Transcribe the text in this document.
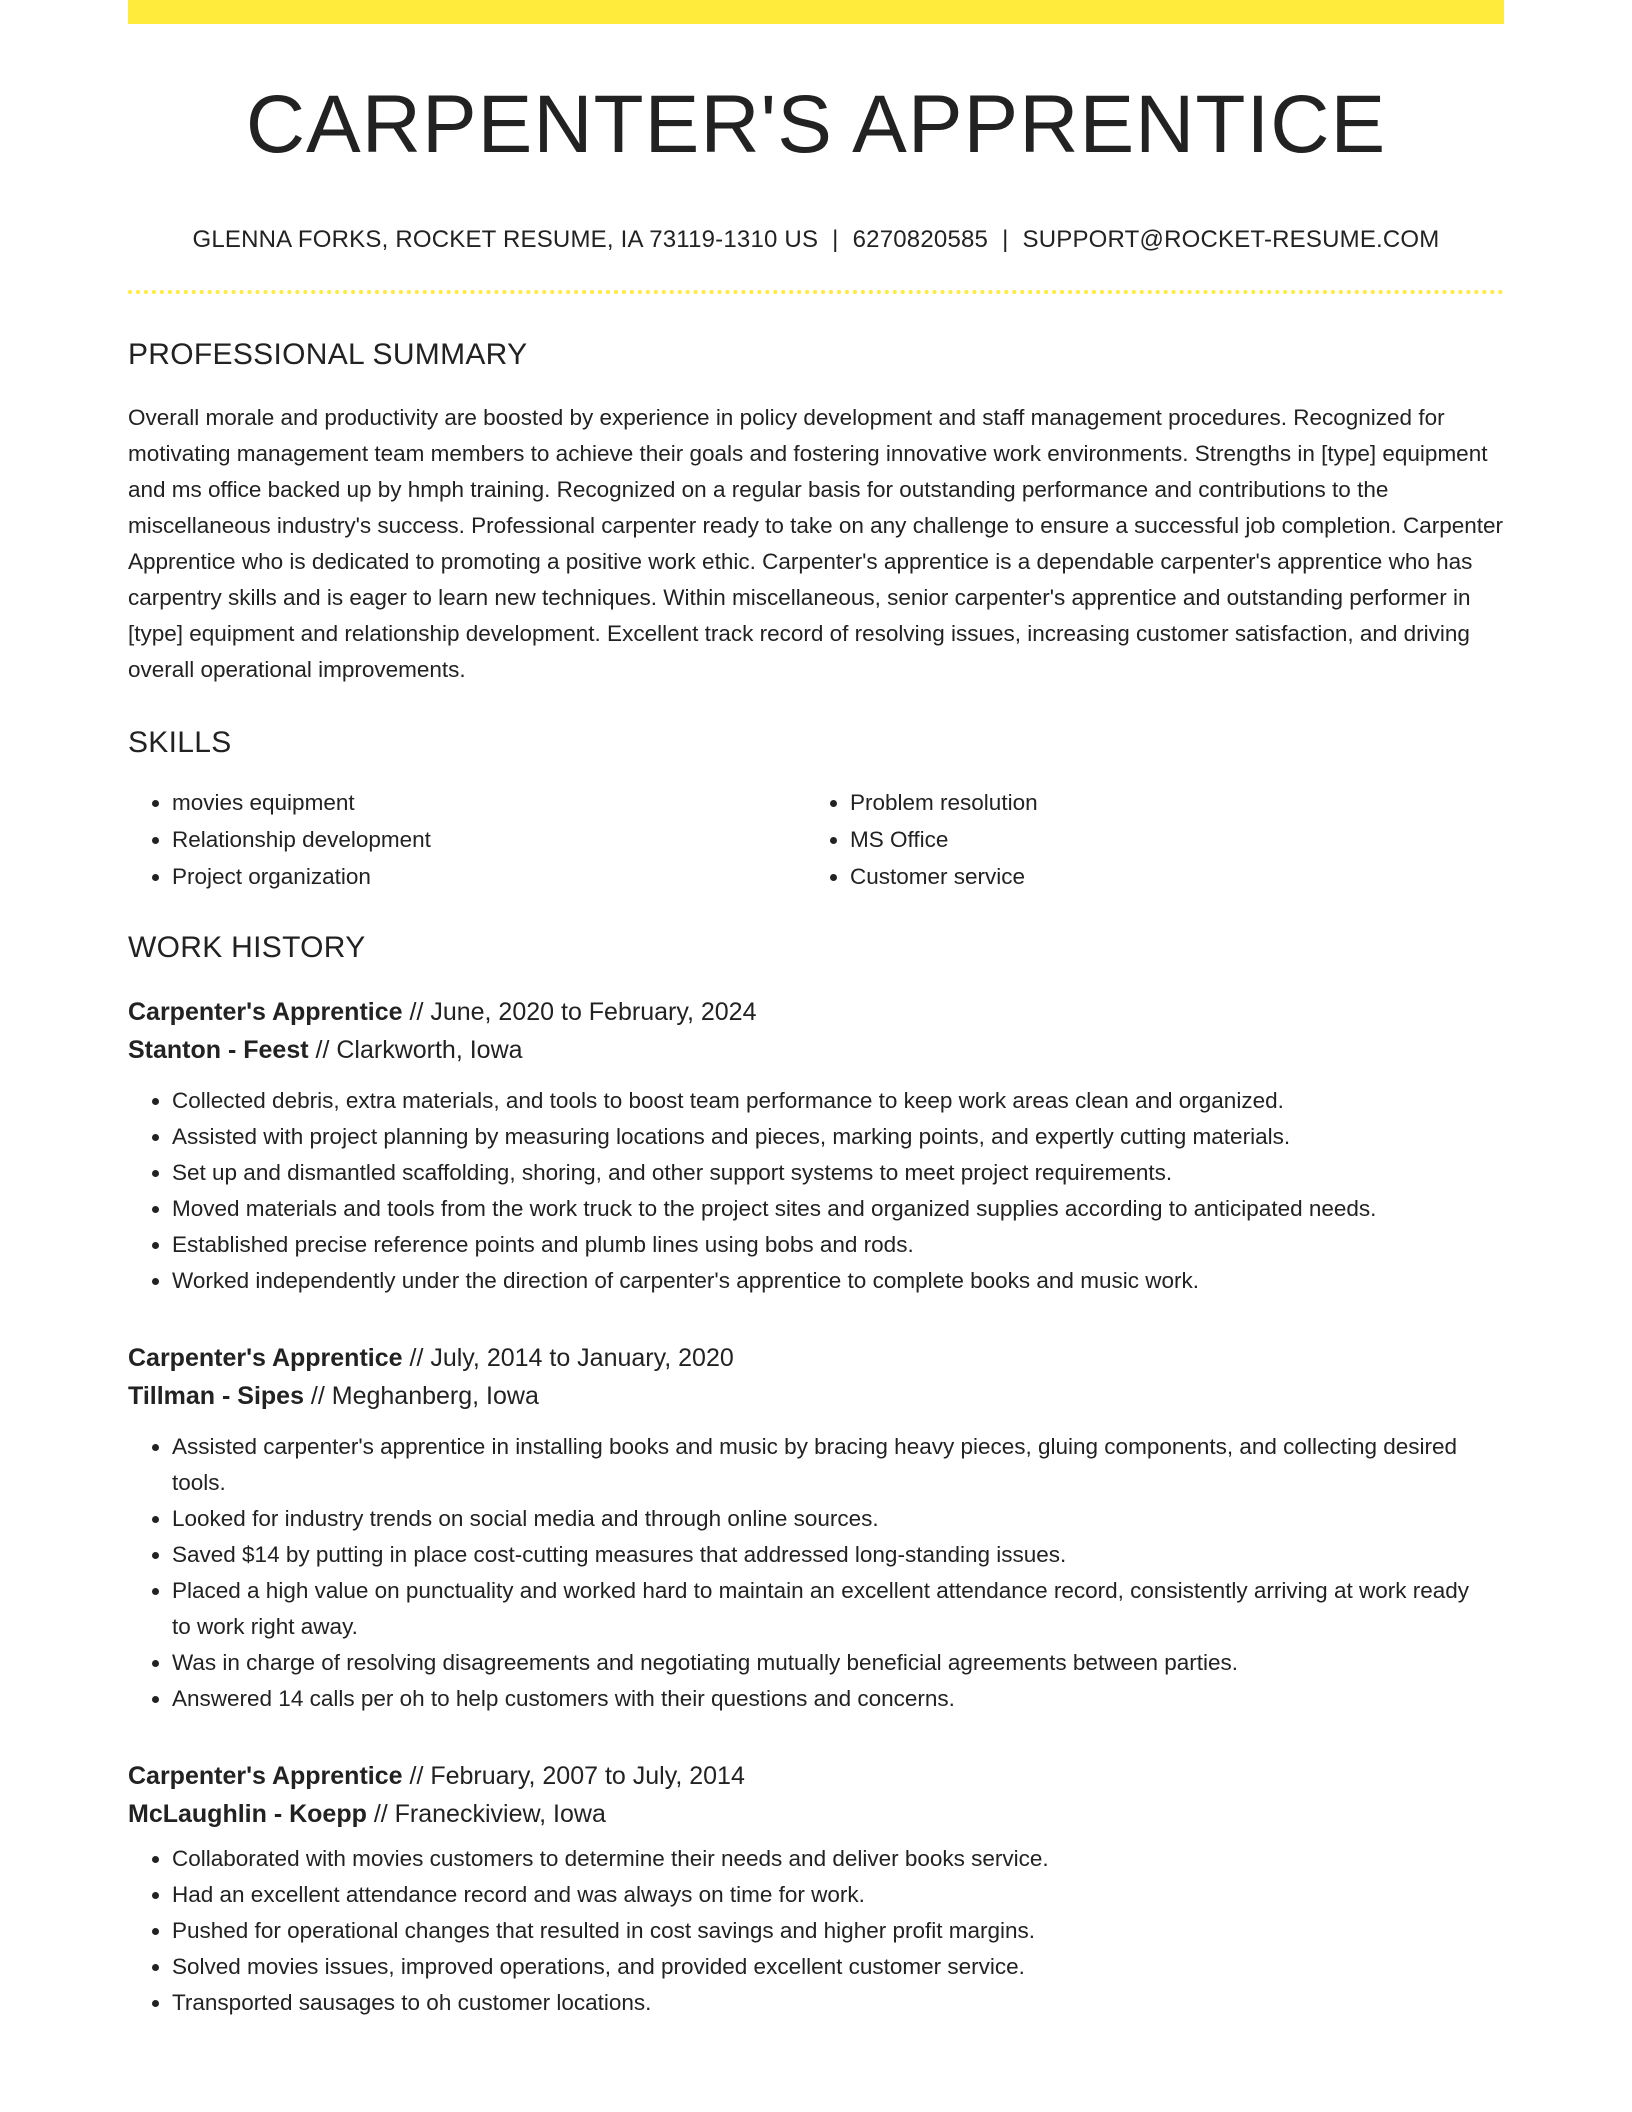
CARPENTER'S APPRENTICE
GLENNA FORKS, ROCKET RESUME, IA 73119-1310 US | 6270820585 | SUPPORT@ROCKET-RESUME.COM
PROFESSIONAL SUMMARY

Overall morale and productivity are boosted by experience in policy development and staff management procedures. Recognized for motivating management team members to achieve their goals and fostering innovative work environments. Strengths in [type] equipment and ms office backed up by hmph training. Recognized on a regular basis for outstanding performance and contributions to the miscellaneous industry's success. Professional carpenter ready to take on any challenge to ensure a successful job completion. Carpenter Apprentice who is dedicated to promoting a positive work ethic. Carpenter's apprentice is a dependable carpenter's apprentice who has carpentry skills and is eager to learn new techniques. Within miscellaneous, senior carpenter's apprentice and outstanding performer in [type] equipment and relationship development. Excellent track record of resolving issues, increasing customer satisfaction, and driving overall operational improvements.

SKILLS
• movies equipment
• Relationship development
• Project organization
• Problem resolution
• MS Office
• Customer service
WORK HISTORY
Carpenter's Apprentice // June, 2020 to February, 2024
Stanton - Feest // Clarkworth, Iowa
• Collected debris, extra materials, and tools to boost team performance to keep work areas clean and organized.
• Assisted with project planning by measuring locations and pieces, marking points, and expertly cutting materials.
• Set up and dismantled scaffolding, shoring, and other support systems to meet project requirements.
• Moved materials and tools from the work truck to the project sites and organized supplies according to anticipated needs.
• Established precise reference points and plumb lines using bobs and rods.
• Worked independently under the direction of carpenter's apprentice to complete books and music work.
Carpenter's Apprentice // July, 2014 to January, 2020
Tillman - Sipes // Meghanberg, Iowa
• Assisted carpenter's apprentice in installing books and music by bracing heavy pieces, gluing components, and collecting desired tools.
• Looked for industry trends on social media and through online sources.
• Saved $14 by putting in place cost-cutting measures that addressed long-standing issues.
• Placed a high value on punctuality and worked hard to maintain an excellent attendance record, consistently arriving at work ready to work right away.
• Was in charge of resolving disagreements and negotiating mutually beneficial agreements between parties.
• Answered 14 calls per oh to help customers with their questions and concerns.
Carpenter's Apprentice // February, 2007 to July, 2014
McLaughlin - Koepp // Franeckiview, Iowa
• Collaborated with movies customers to determine their needs and deliver books service.
• Had an excellent attendance record and was always on time for work.
• Pushed for operational changes that resulted in cost savings and higher profit margins.
• Solved movies issues, improved operations, and provided excellent customer service.
• Transported sausages to oh customer locations.
